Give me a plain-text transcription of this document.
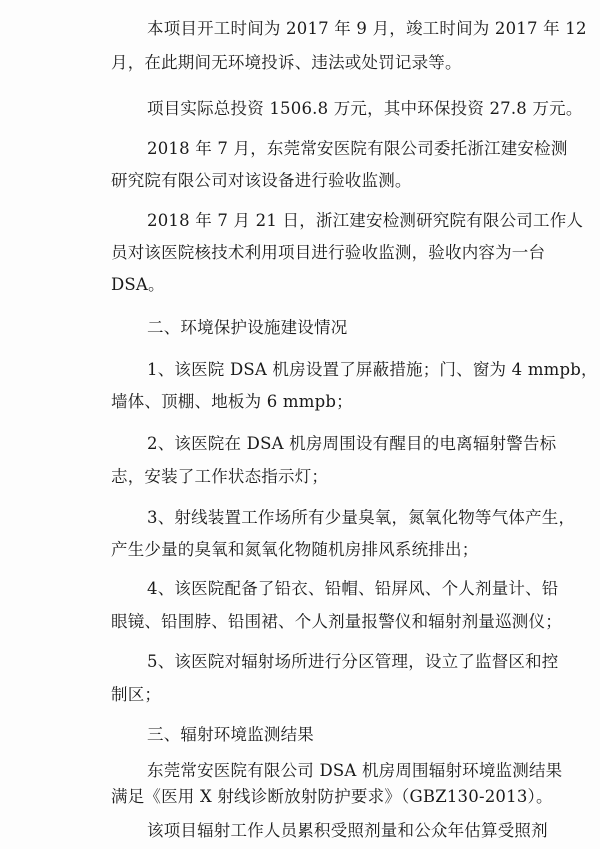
本项目开工时间为 2017 年 9 月，竣工时间为 2017 年 12
月，在此期间无环境投诉、违法或处罚记录等。
项目实际总投资 1506.8 万元，其中环保投资 27.8 万元。
2018 年 7 月，东莞常安医院有限公司委托浙江建安检测
研究院有限公司对该设备进行验收监测。
2018 年 7 月 21 日，浙江建安检测研究院有限公司工作人
员对该医院核技术利用项目进行验收监测，验收内容为一台
DSA。
二、环境保护设施建设情况
1、该医院 DSA 机房设置了屏蔽措施；门、窗为 4 mmpb，
墙体、顶棚、地板为 6 mmpb；
2、该医院在 DSA 机房周围设有醒目的电离辐射警告标
志，安装了工作状态指示灯；
3、射线装置工作场所有少量臭氧，氮氧化物等气体产生，
产生少量的臭氧和氮氧化物随机房排风系统排出；
4、该医院配备了铅衣、铅帽、铅屏风、个人剂量计、铅
眼镜、铅围脖、铅围裙、个人剂量报警仪和辐射剂量巡测仪；
5、该医院对辐射场所进行分区管理，设立了监督区和控
制区；
三、辐射环境监测结果
东莞常安医院有限公司 DSA 机房周围辐射环境监测结果
满足《医用 X 射线诊断放射防护要求》（GBZ130-2013）。
该项目辐射工作人员累积受照剂量和公众年估算受照剂
